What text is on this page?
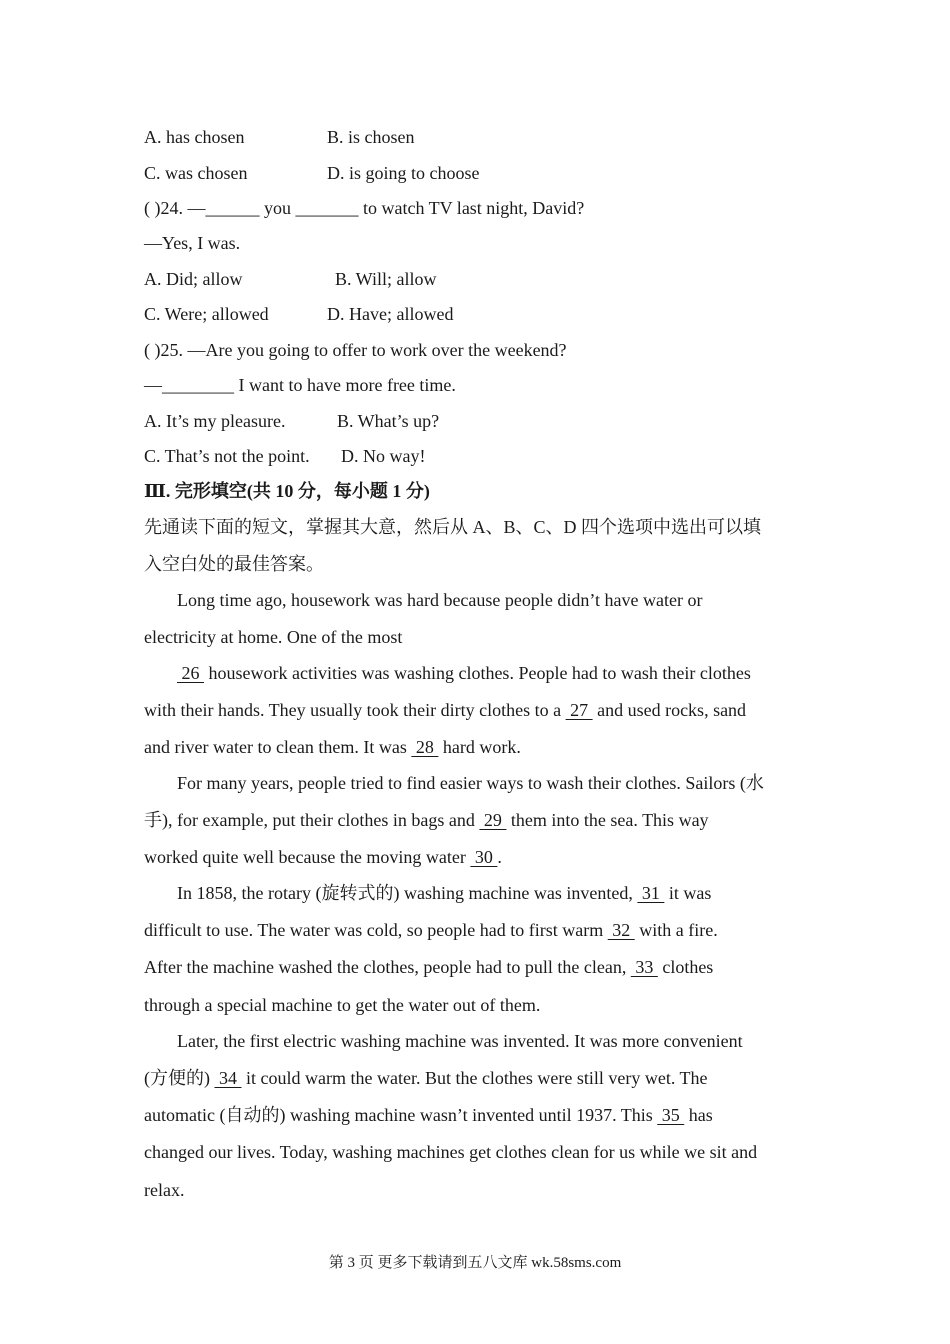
A. has chosen	B. is chosen
C. was chosen	D. is going to choose
( )24. —______ you _______ to watch TV last night, David?
—Yes, I was.
A. Did; allow	B. Will; allow
C. Were; allowed	D. Have; allowed
( )25. —Are you going to offer to work over the weekend?
—________ I want to have more free time.
A. It’s my pleasure.	B. What’s up?
C. That’s not the point. D. No way!
Ⅲ. 完形填空(共 10 分，每小题 1 分)
先通读下面的短文，掌握其大意，然后从 A、B、C、D 四个选项中选出可以填
入空白处的最佳答案。
Long time ago, housework was hard because people didn’t have water or
electricity at home. One of the most
26  housework activities was washing clothes. People had to wash their clothes
with their hands. They usually took their dirty clothes to a  27  and used rocks, sand
and river water to clean them. It was  28  hard work.
For many years, people tried to find easier ways to wash their clothes. Sailors (水
手), for example, put their clothes in bags and  29  them into the sea. This way
worked quite well because the moving water  30 .
In 1858, the rotary (旋转式的) washing machine was invented,  31  it was
difficult to use. The water was cold, so people had to first warm  32  with a fire.
After the machine washed the clothes, people had to pull the clean,  33  clothes
through a special machine to get the water out of them.
Later, the first electric washing machine was invented. It was more convenient
(方便的)  34  it could warm the water. But the clothes were still very wet. The
automatic (自动的) washing machine wasn’t invented until 1937. This  35  has
changed our lives. Today, washing machines get clothes clean for us while we sit and
relax.
第 3 页 更多下载请到五八文库 wk.58sms.com
